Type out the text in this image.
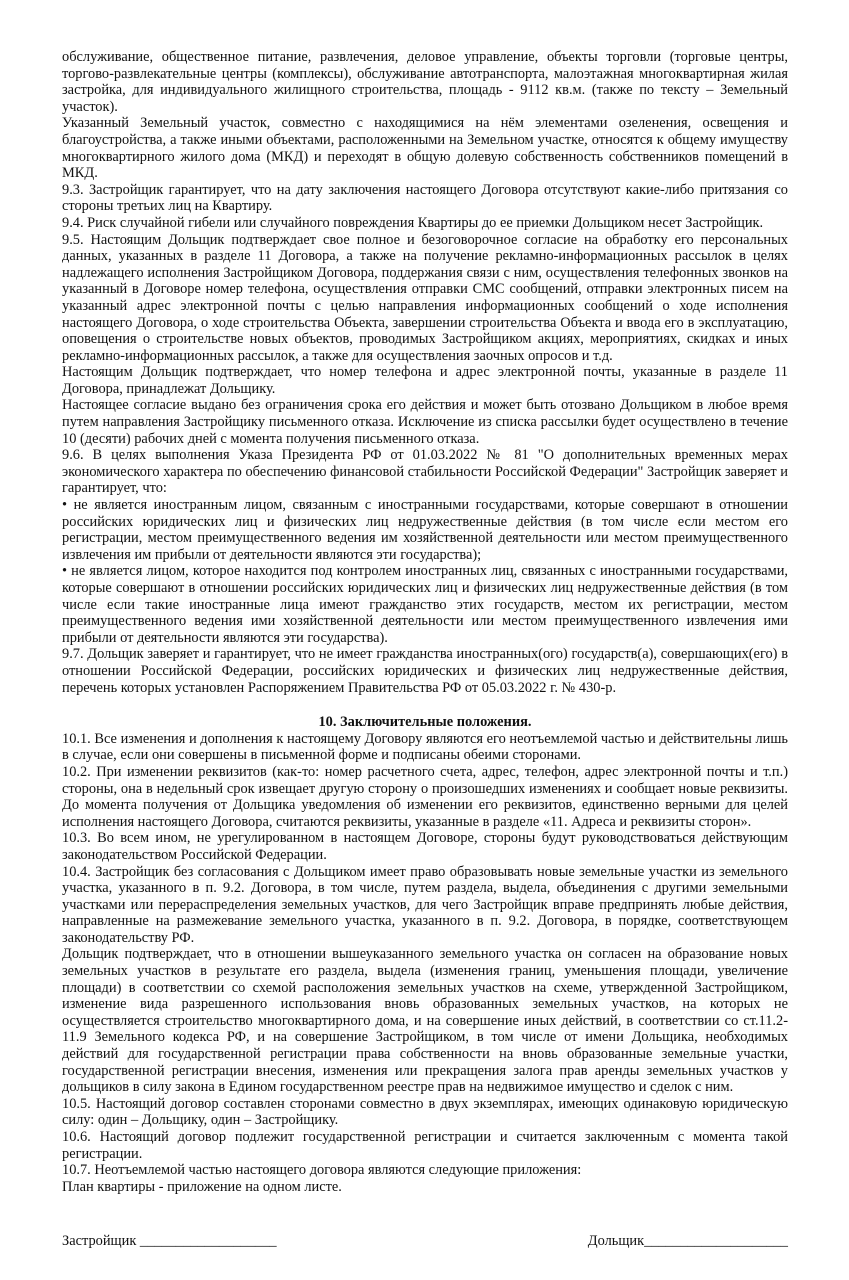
обслуживание, общественное питание, развлечения, деловое управление, объекты торговли (торговые центры, торгово-развлекательные центры (комплексы), обслуживание автотранспорта, малоэтажная многоквартирная жилая застройка, для индивидуального жилищного строительства, площадь - 9112 кв.м. (также по тексту – Земельный участок).

Указанный Земельный участок, совместно с находящимися на нём элементами озеленения, освещения и благоустройства, а также иными объектами, расположенными на Земельном участке, относятся к общему имуществу многоквартирного жилого дома (МКД) и переходят в общую долевую собственность собственников помещений в МКД.

9.3. Застройщик гарантирует, что на дату заключения настоящего Договора отсутствуют какие-либо притязания со стороны третьих лиц на Квартиру.

9.4. Риск случайной гибели или случайного повреждения Квартиры до ее приемки Дольщиком несет Застройщик.

9.5. Настоящим Дольщик подтверждает свое полное и безоговорочное согласие на обработку его персональных данных, указанных в разделе 11 Договора, а также на получение рекламно-информационных рассылок в целях надлежащего исполнения Застройщиком Договора, поддержания связи с ним, осуществления телефонных звонков на указанный в Договоре номер телефона, осуществления отправки СМС сообщений, отправки электронных писем на указанный адрес электронной почты с целью направления информационных сообщений о ходе исполнения настоящего Договора, о ходе строительства Объекта, завершении строительства Объекта и ввода его в эксплуатацию, оповещения о строительстве новых объектов, проводимых Застройщиком акциях, мероприятиях, скидках и иных рекламно-информационных рассылок, а также для осуществления заочных опросов и т.д.

Настоящим Дольщик подтверждает, что номер телефона и адрес электронной почты, указанные в разделе 11 Договора, принадлежат Дольщику.

Настоящее согласие выдано без ограничения срока его действия и может быть отозвано Дольщиком в любое время путем направления Застройщику письменного отказа. Исключение из списка рассылки будет осуществлено в течение 10 (десяти) рабочих дней с момента получения письменного отказа.

9.6. В целях выполнения Указа Президента РФ от 01.03.2022 № 81 "О дополнительных временных мерах экономического характера по обеспечению финансовой стабильности Российской Федерации" Застройщик заверяет и гарантирует, что:

• не является иностранным лицом, связанным с иностранными государствами, которые совершают в отношении российских юридических лиц и физических лиц недружественные действия (в том числе если местом его регистрации, местом преимущественного ведения им хозяйственной деятельности или местом преимущественного извлечения им прибыли от деятельности являются эти государства);

• не является лицом, которое находится под контролем иностранных лиц, связанных с иностранными государствами, которые совершают в отношении российских юридических лиц и физических лиц недружественные действия (в том числе если такие иностранные лица имеют гражданство этих государств, местом их регистрации, местом преимущественного ведения ими хозяйственной деятельности или местом преимущественного извлечения ими прибыли от деятельности являются эти государства).

9.7. Дольщик заверяет и гарантирует, что не имеет гражданства иностранных(ого) государств(а), совершающих(его) в отношении Российской Федерации, российских юридических и физических лиц недружественные действия, перечень которых установлен Распоряжением Правительства РФ от 05.03.2022 г. № 430-р.

10. Заключительные положения.

10.1. Все изменения и дополнения к настоящему Договору являются его неотъемлемой частью и действительны лишь в случае, если они совершены в письменной форме и подписаны обеими сторонами.

10.2. При изменении реквизитов (как-то: номер расчетного счета, адрес, телефон, адрес электронной почты и т.п.) стороны, она в недельный срок извещает другую сторону о произошедших изменениях и сообщает новые реквизиты. До момента получения от Дольщика уведомления об изменении его реквизитов, единственно верными для целей исполнения настоящего Договора, считаются реквизиты, указанные в разделе «11. Адреса и реквизиты сторон».

10.3. Во всем ином, не урегулированном в настоящем Договоре, стороны будут руководствоваться действующим законодательством Российской Федерации.

10.4. Застройщик без согласования с Дольщиком имеет право образовывать новые земельные участки из земельного участка, указанного в п. 9.2. Договора, в том числе, путем раздела, выдела, объединения с другими земельными участками или перераспределения земельных участков, для чего Застройщик вправе предпринять любые действия, направленные на размежевание земельного участка, указанного в п. 9.2. Договора, в порядке, соответствующем законодательству РФ.

Дольщик подтверждает, что в отношении вышеуказанного земельного участка он согласен на образование новых земельных участков в результате его раздела, выдела (изменения границ, уменьшения площади, увеличение площади) в соответствии со схемой расположения земельных участков на схеме, утвержденной Застройщиком, изменение вида разрешенного использования вновь образованных земельных участков, на которых не осуществляется строительство многоквартирного дома, и на совершение иных действий, в соответствии со ст.11.2-11.9 Земельного кодекса РФ, и на совершение Застройщиком, в том числе от имени Дольщика, необходимых действий для государственной регистрации права собственности на вновь образованные земельные участки, государственной регистрации внесения, изменения или прекращения залога прав аренды земельных участков у дольщиков в силу закона в Едином государственном реестре прав на недвижимое имущество и сделок с ним.

10.5. Настоящий договор составлен сторонами совместно в двух экземплярах, имеющих одинаковую юридическую силу: один – Дольщику, один – Застройщику.

10.6. Настоящий договор подлежит государственной регистрации и считается заключенным с момента такой регистрации.

10.7. Неотъемлемой частью настоящего договора являются следующие приложения:

План квартиры - приложение на одном листе.

Застройщик ___________________	Дольщик____________________
